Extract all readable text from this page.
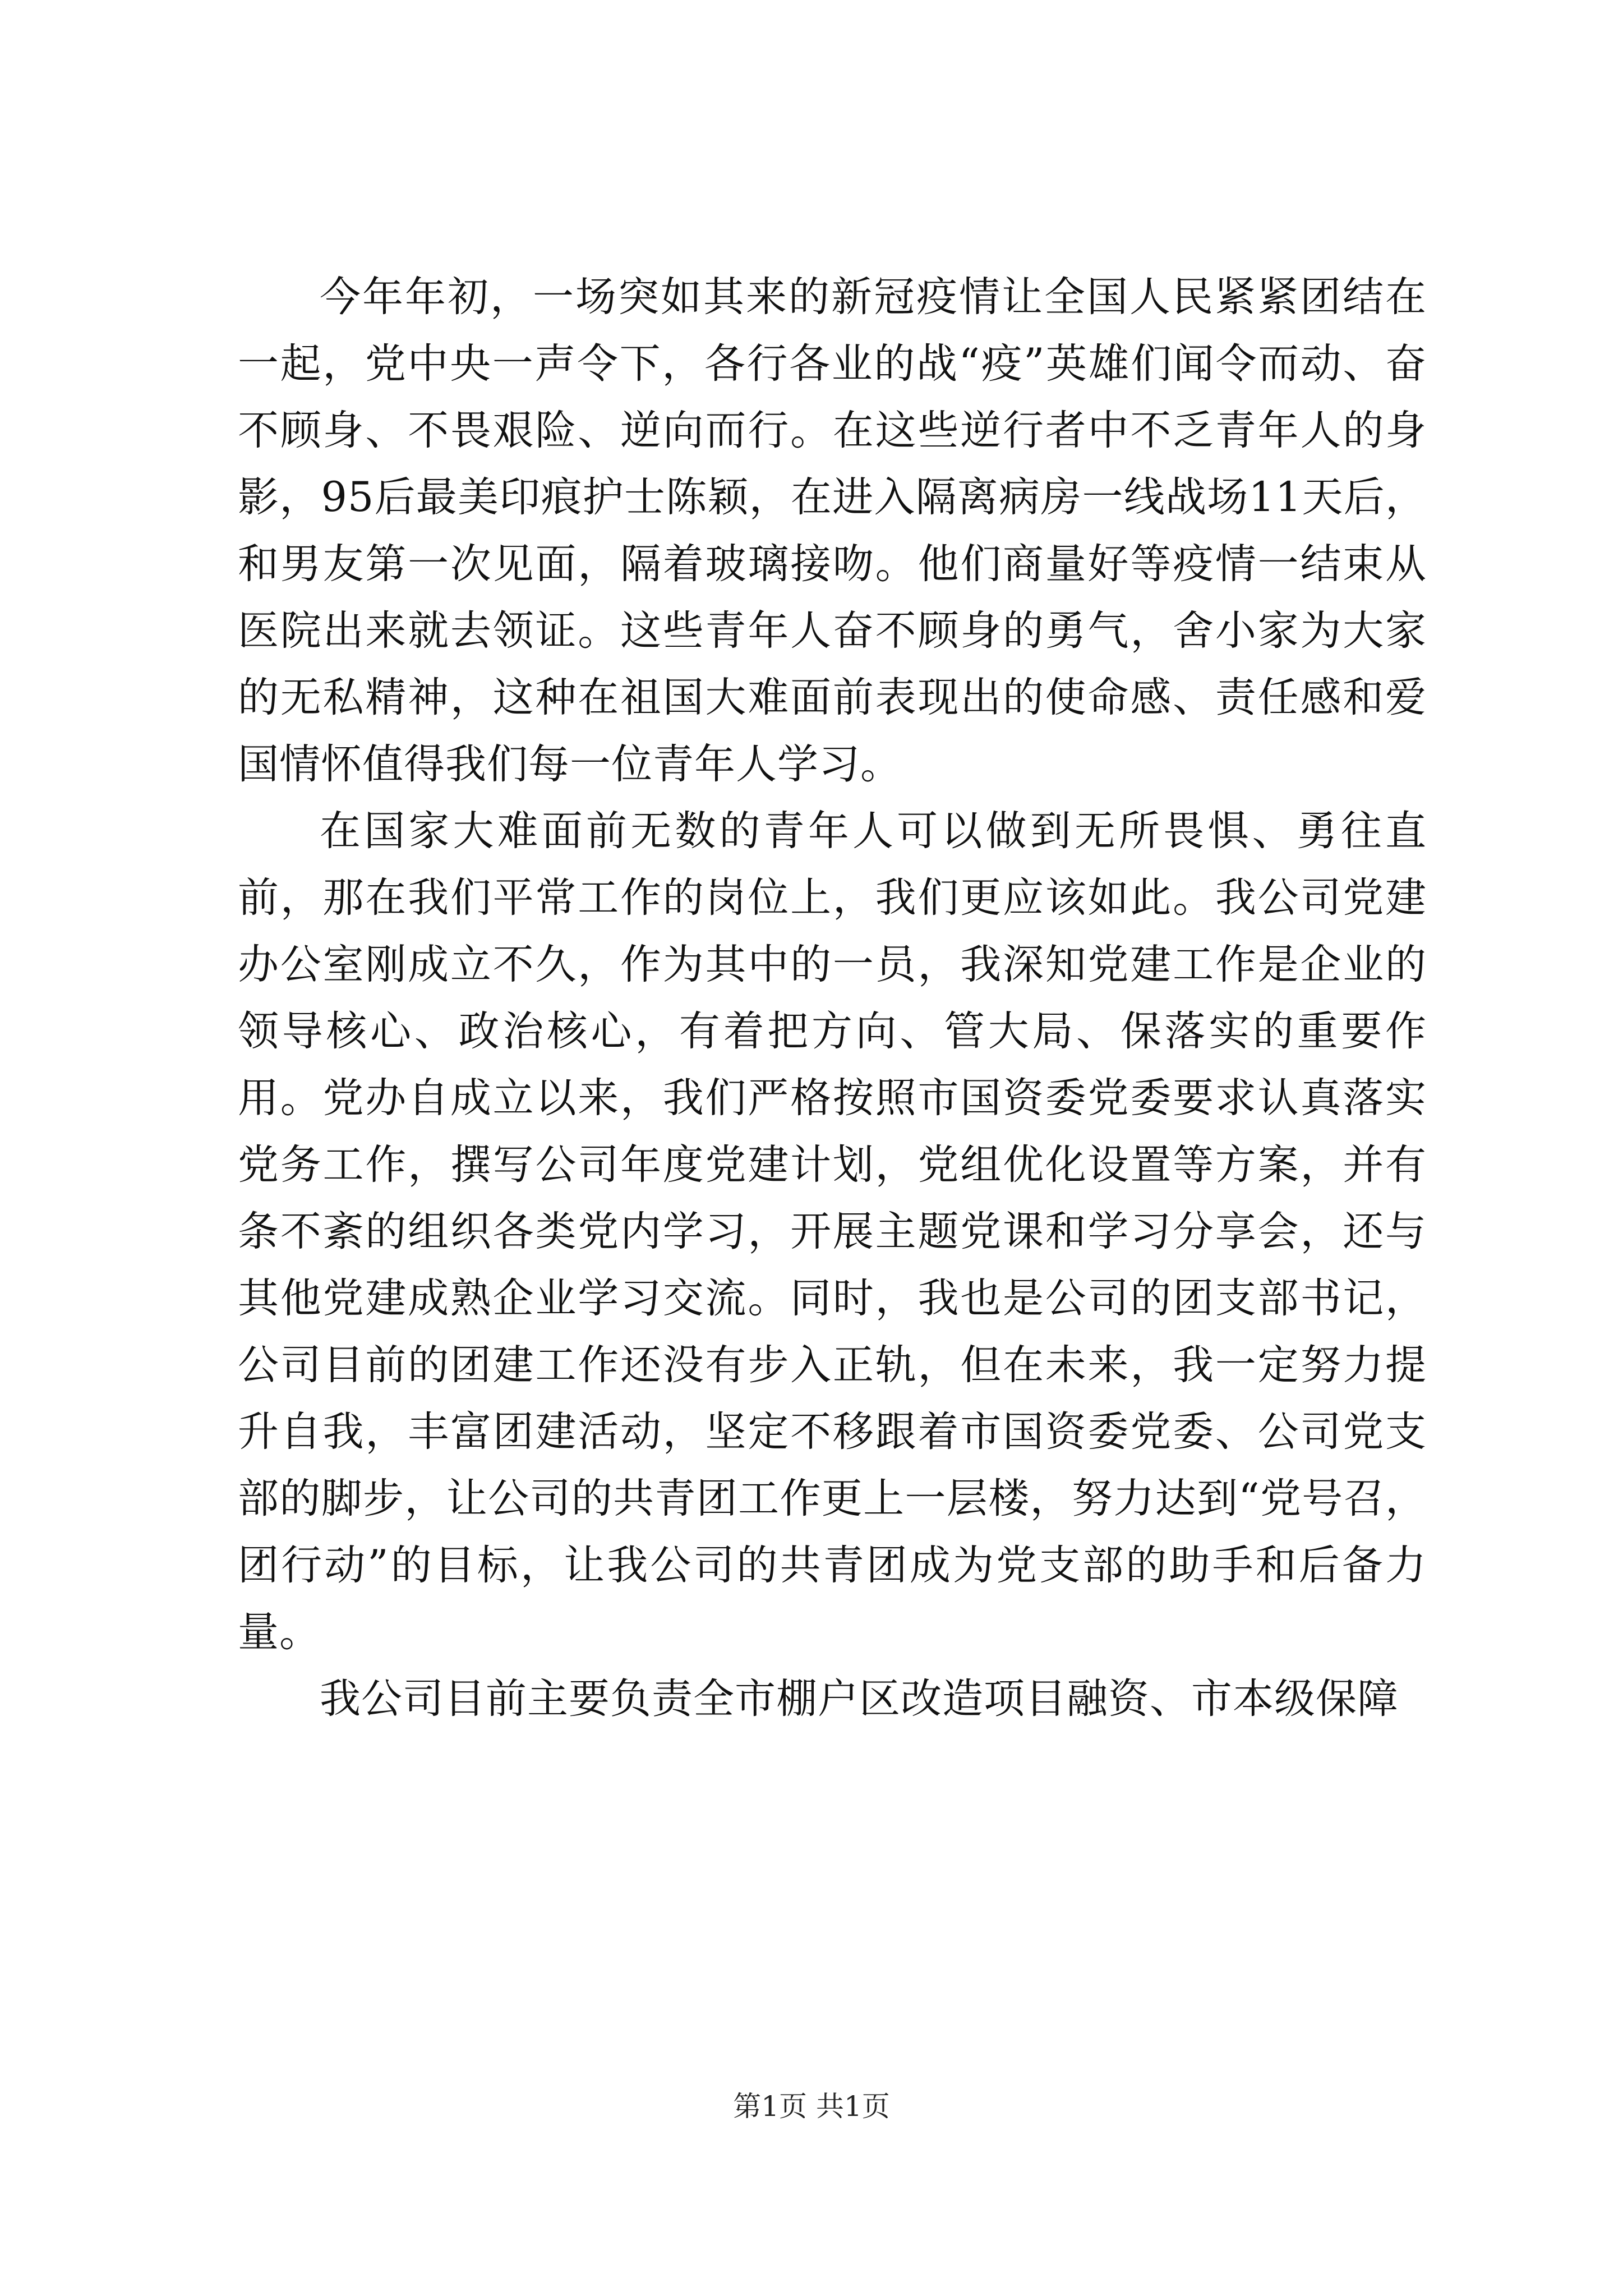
今年年初，一场突如其来的新冠疫情让全国人民紧紧团结在一起，党中央一声令下，各行各业的战“疫”英雄们闻令而动、奋不顾身、不畏艰险、逆向而行。在这些逆行者中不乏青年人的身影，95后最美印痕护士陈颖，在进入隔离病房一线战场11天后，和男友第一次见面，隔着玻璃接吻。他们商量好等疫情一结束从医院出来就去领证。这些青年人奋不顾身的勇气，舍小家为大家的无私精神，这种在祖国大难面前表现出的使命感、责任感和爱国情怀值得我们每一位青年人学习。

在国家大难面前无数的青年人可以做到无所畏惧、勇往直前，那在我们平常工作的岗位上，我们更应该如此。我公司党建办公室刚成立不久，作为其中的一员，我深知党建工作是企业的领导核心、政治核心，有着把方向、管大局、保落实的重要作用。党办自成立以来，我们严格按照市国资委党委要求认真落实党务工作，撰写公司年度党建计划，党组优化设置等方案，并有条不紊的组织各类党内学习，开展主题党课和学习分享会，还与其他党建成熟企业学习交流。同时，我也是公司的团支部书记，公司目前的团建工作还没有步入正轨，但在未来，我一定努力提升自我，丰富团建活动，坚定不移跟着市国资委党委、公司党支部的脚步，让公司的共青团工作更上一层楼，努力达到“党号召，团行动”的目标，让我公司的共青团成为党支部的助手和后备力量。

我公司目前主要负责全市棚户区改造项目融资、市本级保障

第1页 共1页
